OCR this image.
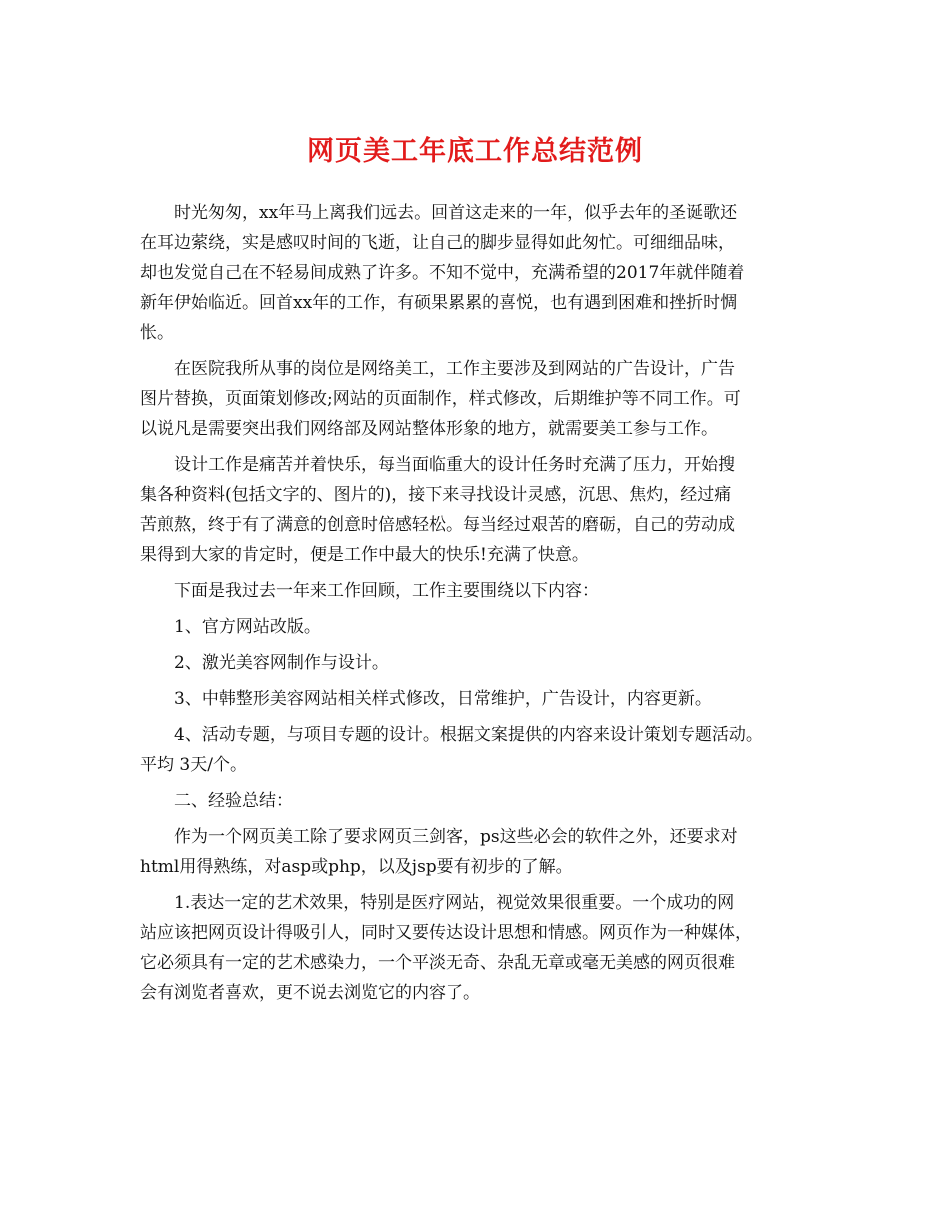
网页美工年底工作总结范例
　　时光匆匆，xx年马上离我们远去。回首这走来的一年，似乎去年的圣诞歌还
在耳边萦绕，实是感叹时间的飞逝，让自己的脚步显得如此匆忙。可细细品味，
却也发觉自己在不轻易间成熟了许多。不知不觉中，充满希望的2017年就伴随着
新年伊始临近。回首xx年的工作，有硕果累累的喜悦，也有遇到困难和挫折时惆
怅。
　　在医院我所从事的岗位是网络美工，工作主要涉及到网站的广告设计，广告
图片替换，页面策划修改;网站的页面制作，样式修改，后期维护等不同工作。可
以说凡是需要突出我们网络部及网站整体形象的地方，就需要美工参与工作。
　　设计工作是痛苦并着快乐，每当面临重大的设计任务时充满了压力，开始搜
集各种资料(包括文字的、图片的)，接下来寻找设计灵感，沉思、焦灼，经过痛
苦煎熬，终于有了满意的创意时倍感轻松。每当经过艰苦的磨砺，自己的劳动成
果得到大家的肯定时，便是工作中最大的快乐!充满了快意。
　　下面是我过去一年来工作回顾，工作主要围绕以下内容：
　　1、官方网站改版。
　　2、激光美容网制作与设计。
　　3、中韩整形美容网站相关样式修改，日常维护，广告设计，内容更新。
　　4、活动专题，与项目专题的设计。根据文案提供的内容来设计策划专题活动。
平均 3天/个。
　　二、经验总结：
　　作为一个网页美工除了要求网页三剑客，ps这些必会的软件之外，还要求对
html用得熟练，对asp或php，以及jsp要有初步的了解。
　　1.表达一定的艺术效果，特别是医疗网站，视觉效果很重要。一个成功的网
站应该把网页设计得吸引人，同时又要传达设计思想和情感。网页作为一种媒体，
它必须具有一定的艺术感染力，一个平淡无奇、杂乱无章或毫无美感的网页很难
会有浏览者喜欢，更不说去浏览它的内容了。
